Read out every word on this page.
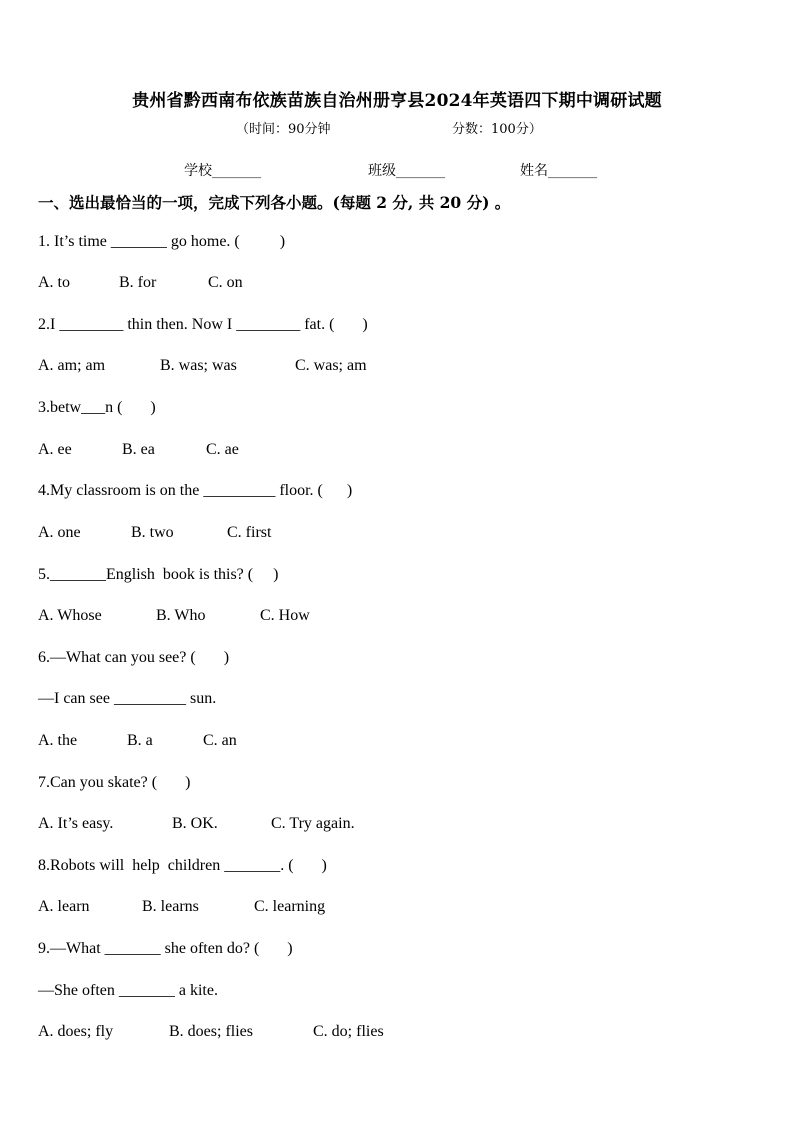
贵州省黔西南布依族苗族自治州册亨县2024年英语四下期中调研试题
（时间：90分钟	分数：100分）
学校_______	班级_______	姓名_______
一、选出最恰当的一项，完成下列各小题。(每题 2 分, 共 20 分) 。
1. It’s time _______ go home. (          )
A. to	B. for	C. on
2.I ________ thin then. Now I ________ fat. (       )
A. am; am	B. was; was	C. was; am
3.betw___n (       )
A. ee	B. ea	C. ae
4.My classroom is on the _________ floor. (      )
A. one	B. two	C. first
5._______English  book is this? (     )
A. Whose	B. Who	C. How
6.—What can you see? (       )
—I can see _________ sun.
A. the	B. a	C. an
7.Can you skate? (       )
A. It’s easy.	B. OK.	C. Try again.
8.Robots will  help  children _______. (       )
A. learn	B. learns	C. learning
9.—What _______ she often do? (       )
—She often _______ a kite.
A. does; fly	B. does; flies	C. do; flies
